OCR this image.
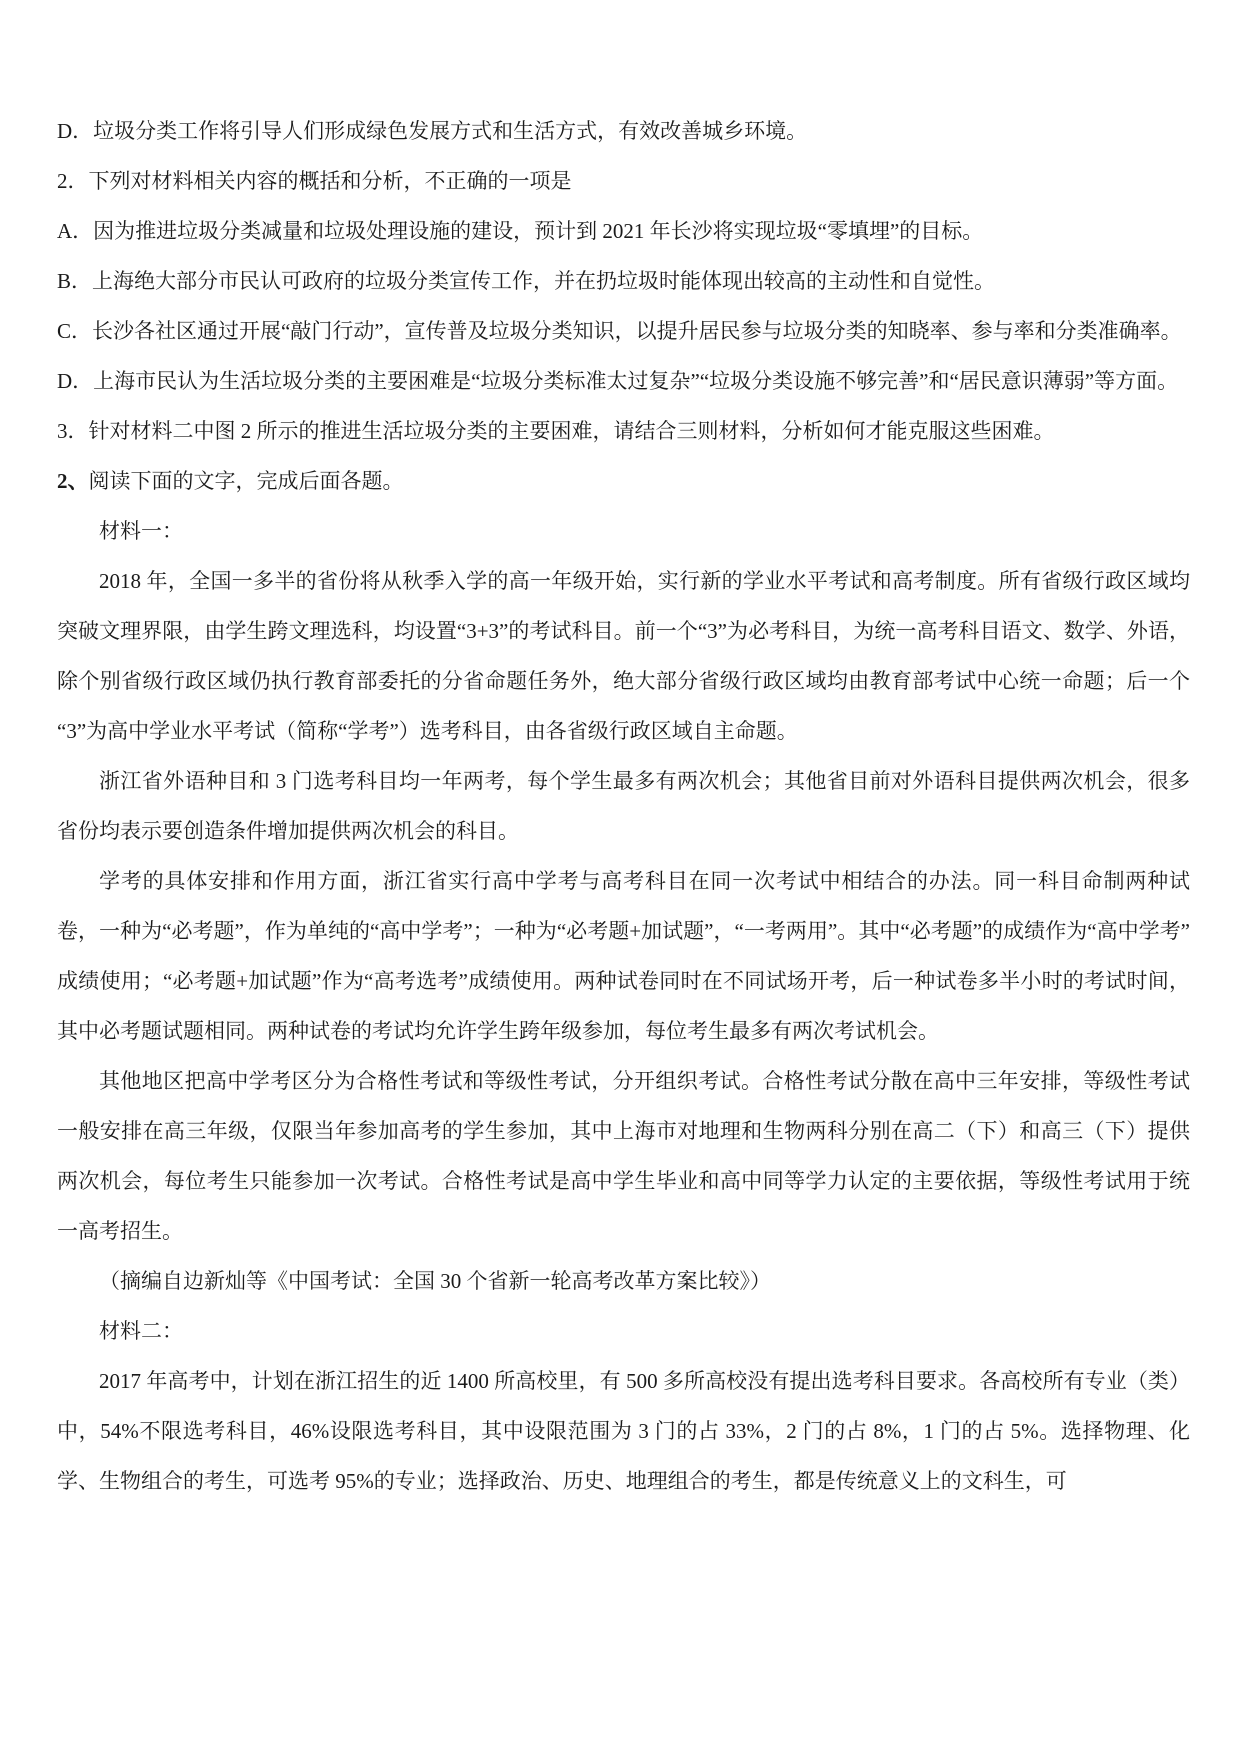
D．垃圾分类工作将引导人们形成绿色发展方式和生活方式，有效改善城乡环境。

2．下列对材料相关内容的概括和分析，不正确的一项是

A．因为推进垃圾分类减量和垃圾处理设施的建设，预计到 2021 年长沙将实现垃圾“零填埋”的目标。

B．上海绝大部分市民认可政府的垃圾分类宣传工作，并在扔垃圾时能体现出较高的主动性和自觉性。

C．长沙各社区通过开展“敲门行动”，宣传普及垃圾分类知识，以提升居民参与垃圾分类的知晓率、参与率和分类准确率。

D．上海市民认为生活垃圾分类的主要困难是“垃圾分类标准太过复杂”“垃圾分类设施不够完善”和“居民意识薄弱”等方面。

3．针对材料二中图 2 所示的推进生活垃圾分类的主要困难，请结合三则材料，分析如何才能克服这些困难。

2、阅读下面的文字，完成后面各题。

材料一：

2018 年，全国一多半的省份将从秋季入学的高一年级开始，实行新的学业水平考试和高考制度。所有省级行政区域均突破文理界限，由学生跨文理选科，均设置“3+3”的考试科目。前一个“3”为必考科目，为统一高考科目语文、数学、外语，除个别省级行政区域仍执行教育部委托的分省命题任务外，绝大部分省级行政区域均由教育部考试中心统一命题；后一个“3”为高中学业水平考试（简称“学考”）选考科目，由各省级行政区域自主命题。

浙江省外语种目和 3 门选考科目均一年两考，每个学生最多有两次机会；其他省目前对外语科目提供两次机会，很多省份均表示要创造条件增加提供两次机会的科目。

学考的具体安排和作用方面，浙江省实行高中学考与高考科目在同一次考试中相结合的办法。同一科目命制两种试卷，一种为“必考题”，作为单纯的“高中学考”；一种为“必考题+加试题”，“一考两用”。其中“必考题”的成绩作为“高中学考”成绩使用；“必考题+加试题”作为“高考选考”成绩使用。两种试卷同时在不同试场开考，后一种试卷多半小时的考试时间，其中必考题试题相同。两种试卷的考试均允许学生跨年级参加，每位考生最多有两次考试机会。

其他地区把高中学考区分为合格性考试和等级性考试，分开组织考试。合格性考试分散在高中三年安排，等级性考试一般安排在高三年级，仅限当年参加高考的学生参加，其中上海市对地理和生物两科分别在高二（下）和高三（下）提供两次机会，每位考生只能参加一次考试。合格性考试是高中学生毕业和高中同等学力认定的主要依据，等级性考试用于统一高考招生。

（摘编自边新灿等《中国考试：全国 30 个省新一轮高考改革方案比较》）

材料二：

2017 年高考中，计划在浙江招生的近 1400 所高校里，有 500 多所高校没有提出选考科目要求。各高校所有专业（类）中，54%不限选考科目，46%设限选考科目，其中设限范围为 3 门的占 33%，2 门的占 8%，1 门的占 5%。选择物理、化学、生物组合的考生，可选考 95%的专业；选择政治、历史、地理组合的考生，都是传统意义上的文科生，可
